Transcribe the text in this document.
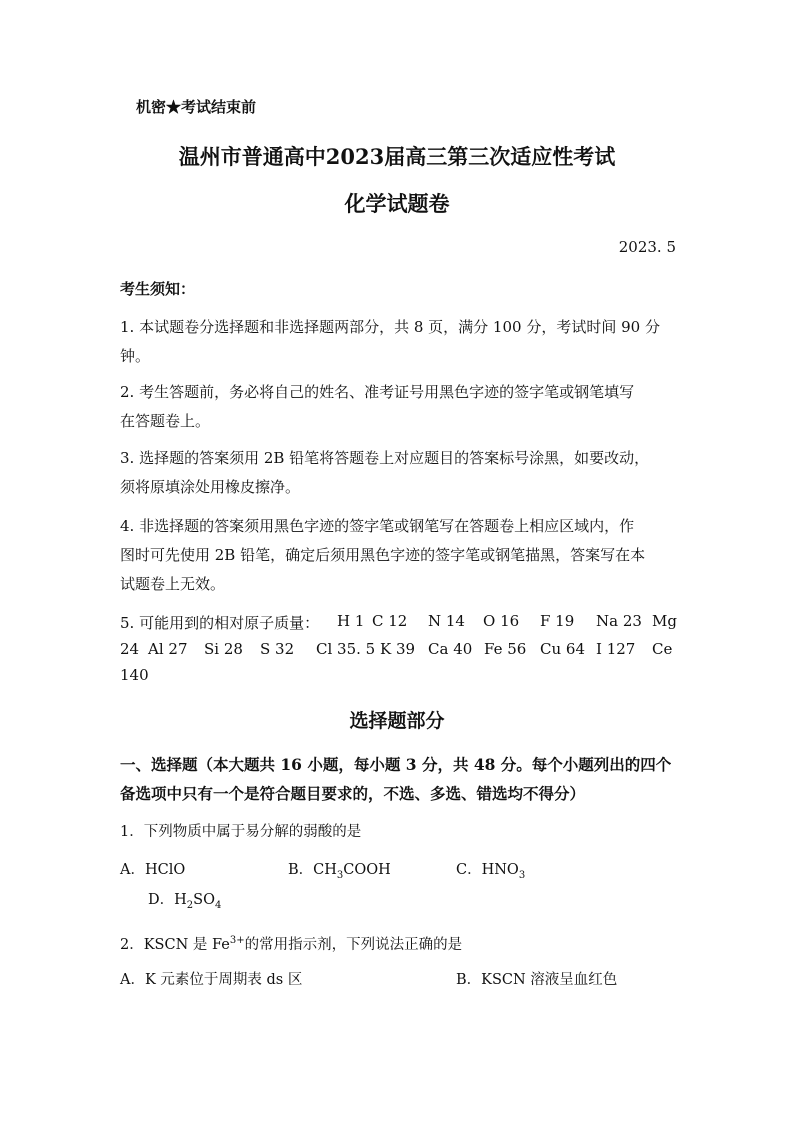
机密★考试结束前
温州市普通高中2023届高三第三次适应性考试
化学试题卷
2023. 5
考生须知：
1. 本试题卷分选择题和非选择题两部分，共 8 页，满分 100 分，考试时间 90 分
钟。
2. 考生答题前，务必将自己的姓名、准考证号用黑色字迹的签字笔或钢笔填写
在答题卷上。
3. 选择题的答案须用 2B 铅笔将答题卷上对应题目的答案标号涂黑，如要改动，
须将原填涂处用橡皮擦净。
4. 非选择题的答案须用黑色字迹的签字笔或钢笔写在答题卷上相应区域内，作
图时可先使用 2B 铅笔，确定后须用黑色字迹的签字笔或钢笔描黑，答案写在本
试题卷上无效。
5. 可能用到的相对原子质量： H 1 C 12 N 14 O 16 F 19 Na 23 Mg
24 Al 27 Si 28 S 32 Cl 35. 5 K 39 Ca 40 Fe 56 Cu 64 I 127 Ce
140
选择题部分
一、选择题（本大题共 16 小题，每小题 3 分，共 48 分。每个小题列出的四个
备选项中只有一个是符合题目要求的，不选、多选、错选均不得分）
1．下列物质中属于易分解的弱酸的是
A．HClO	B．$CH_3COOH$	C．$HNO_3$
D．$H_2SO_4$
2．KSCN 是 $Fe^{3+}$的常用指示剂，下列说法正确的是
A．K 元素位于周期表 ds 区	B．KSCN 溶液呈血红色
